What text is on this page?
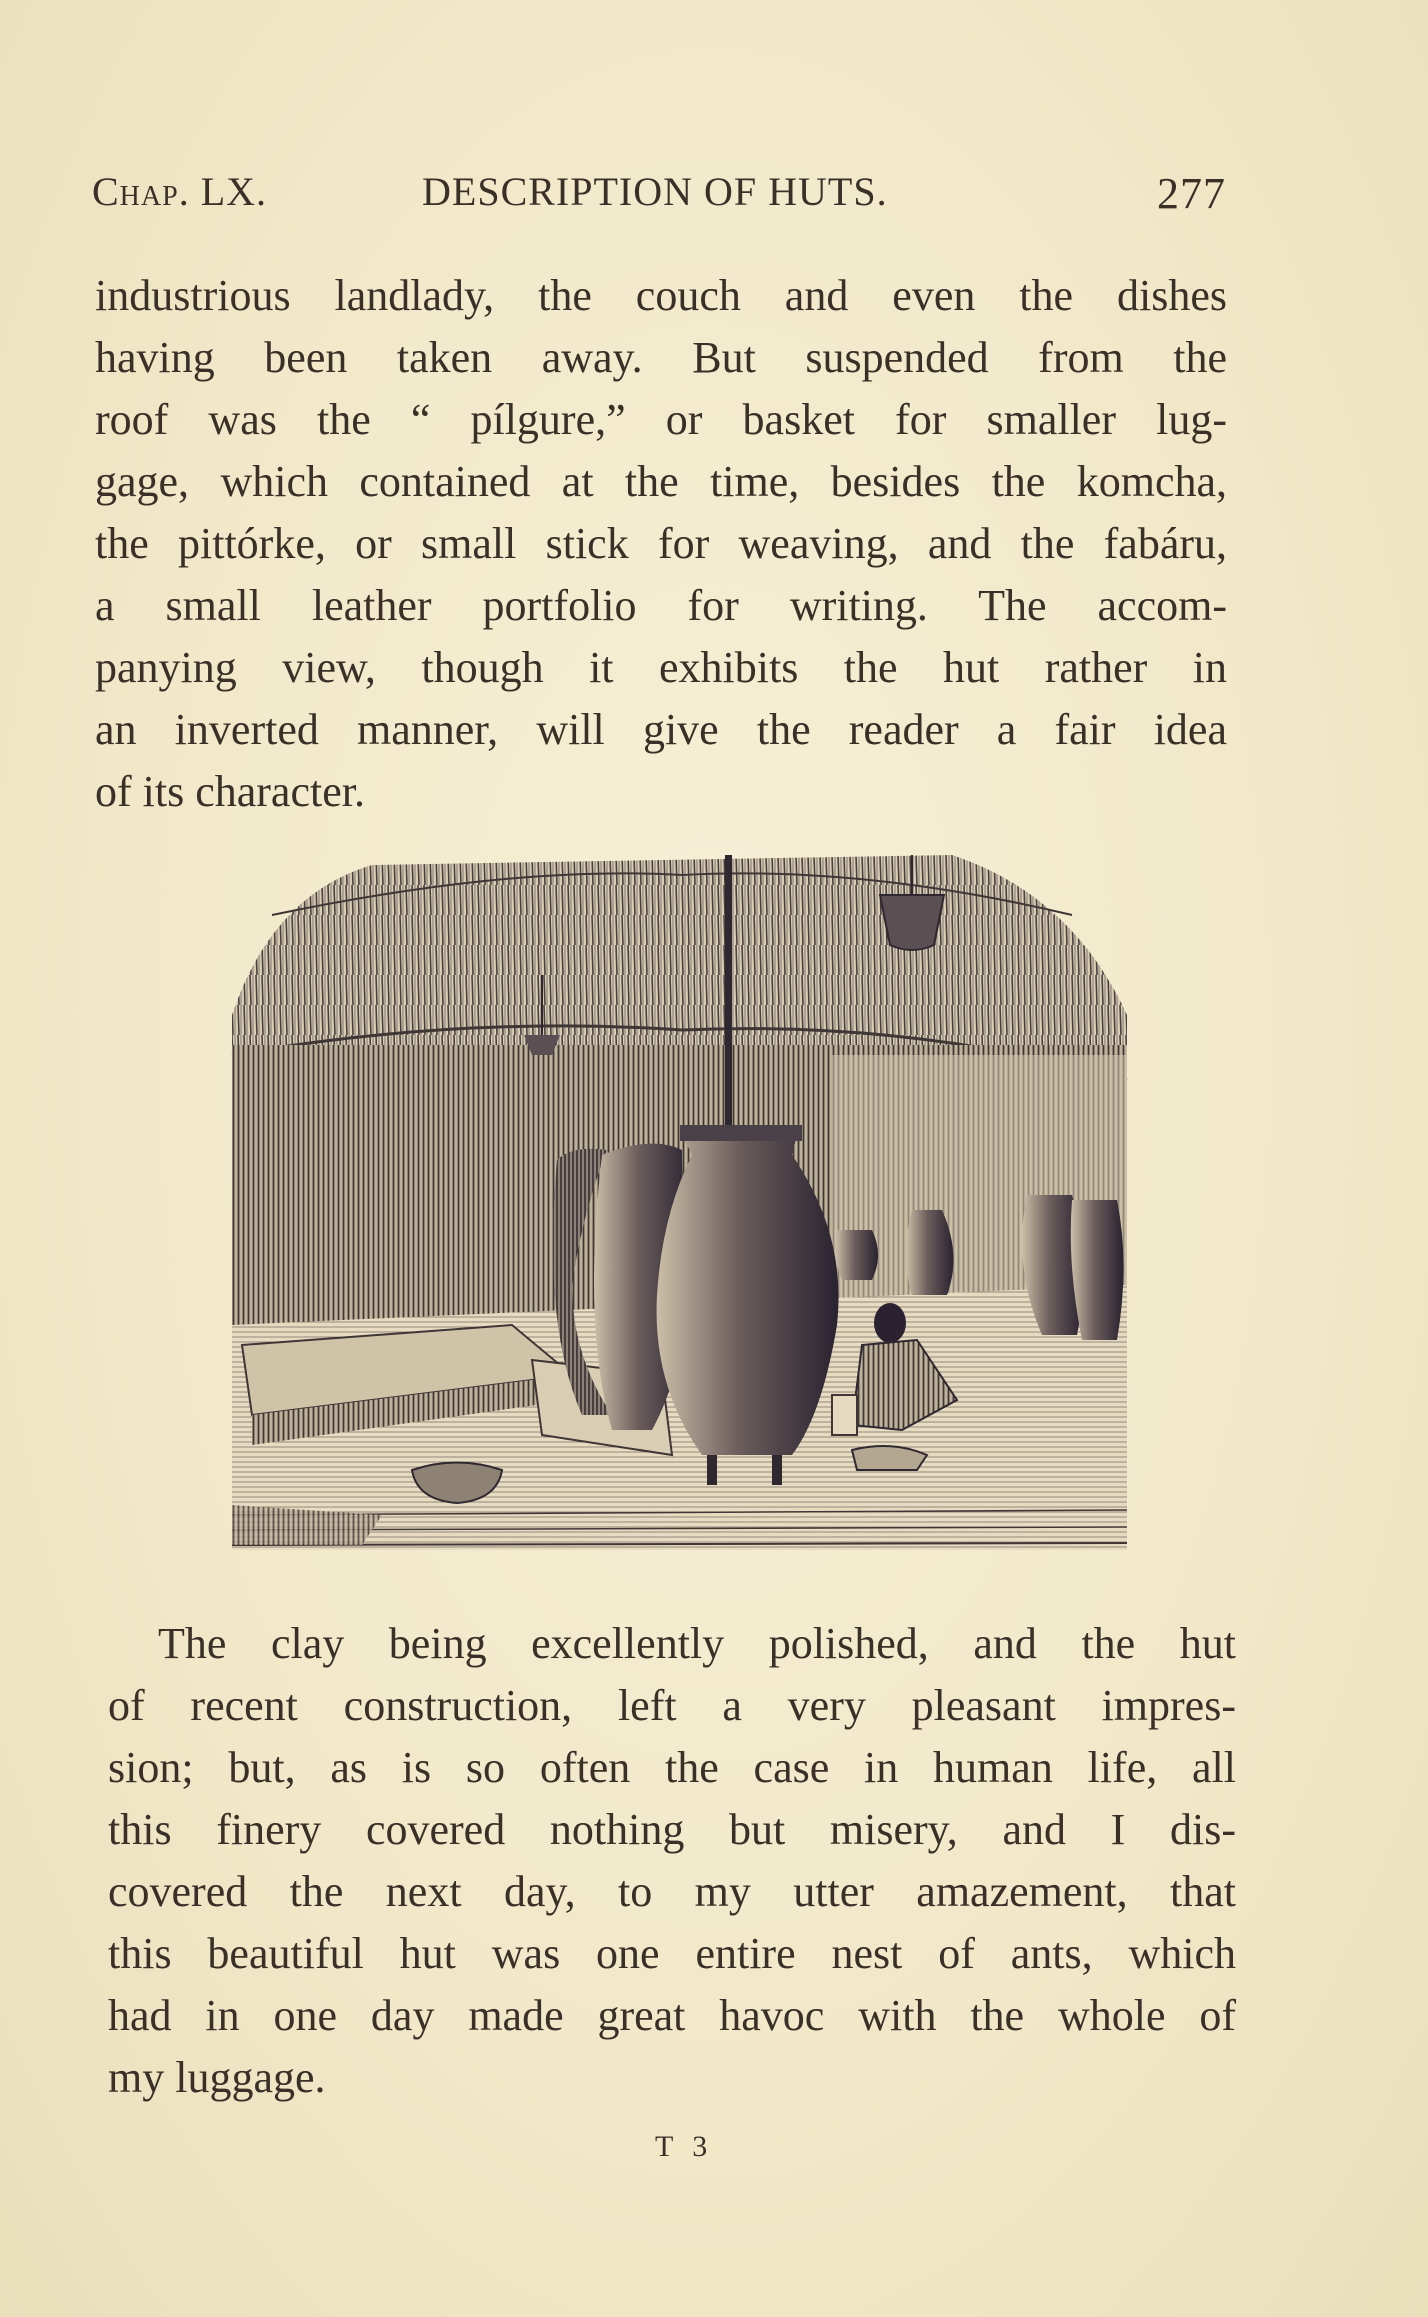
Chap. LX.	DESCRIPTION OF HUTS.	277
industrious landlady, the couch and even the dishes
having been taken away. But suspended from the
roof was the “ pílgure,” or basket for smaller lug-
gage, which contained at the time, besides the komcha,
the pittórke, or small stick for weaving, and the fabáru,
a small leather portfolio for writing. The accom-
panying view, though it exhibits the hut rather in
an inverted manner, will give the reader a fair idea
of its character.
The clay being excellently polished, and the hut
of recent construction, left a very pleasant impres-
sion; but, as is so often the case in human life, all
this finery covered nothing but misery, and I dis-
covered the next day, to my utter amazement, that
this beautiful hut was one entire nest of ants, which
had in one day made great havoc with the whole of
my luggage.
T 3
